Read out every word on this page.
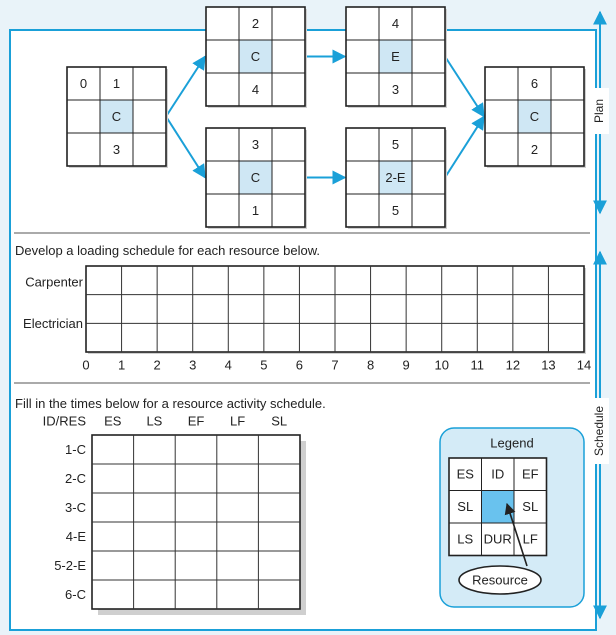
0 1
C
3
2
C
4
3
C
1
4
E
3
5
2-E
5
6
C
2
Carpenter
Electrician
0 1 2 3 4 5 6 7 8 9 10 11 12 13 14
ID/RES ES LS EF LF SL
1-C
2-C
3-C
4-E
5-2-E
6-C
Legend
ES ID EF
SL	SL
LS DUR LF
Resource
Plan
Schedule
Develop a loading schedule for each resource below.
Fill in the times below for a resource activity schedule.
